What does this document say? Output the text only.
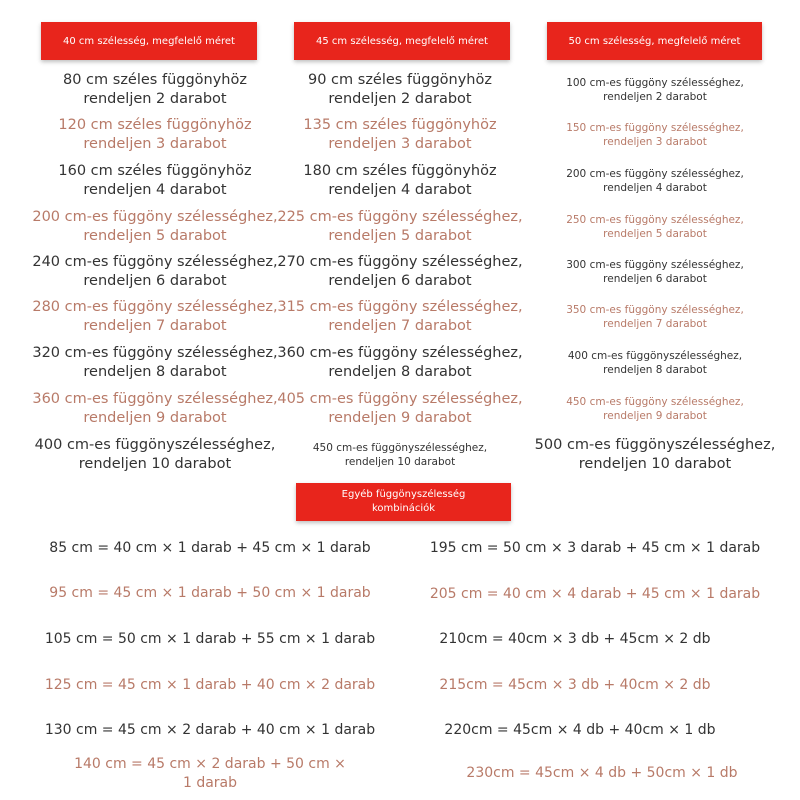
40 cm szélesség, megfelelő méret	45 cm szélesség, megfelelő méret	50 cm szélesség, megfelelő méret
80 cm széles függönyhöz
rendeljen 2 darabot
120 cm széles függönyhöz
rendeljen 3 darabot
160 cm széles függönyhöz
rendeljen 4 darabot
200 cm-es függöny szélességhez,
rendeljen 5 darabot
240 cm-es függöny szélességhez,
rendeljen 6 darabot
280 cm-es függöny szélességhez,
rendeljen 7 darabot
320 cm-es függöny szélességhez,
rendeljen 8 darabot
360 cm-es függöny szélességhez,
rendeljen 9 darabot
400 cm-es függönyszélességhez,
rendeljen 10 darabot
90 cm széles függönyhöz
rendeljen 2 darabot
135 cm széles függönyhöz
rendeljen 3 darabot
180 cm széles függönyhöz
rendeljen 4 darabot
225 cm-es függöny szélességhez,
rendeljen 5 darabot
270 cm-es függöny szélességhez,
rendeljen 6 darabot
315 cm-es függöny szélességhez,
rendeljen 7 darabot
360 cm-es függöny szélességhez,
rendeljen 8 darabot
405 cm-es függöny szélességhez,
rendeljen 9 darabot
450 cm-es függönyszélességhez,
rendeljen 10 darabot
100 cm-es függöny szélességhez,
rendeljen 2 darabot
150 cm-es függöny szélességhez,
rendeljen 3 darabot
200 cm-es függöny szélességhez,
rendeljen 4 darabot
250 cm-es függöny szélességhez,
rendeljen 5 darabot
300 cm-es függöny szélességhez,
rendeljen 6 darabot
350 cm-es függöny szélességhez,
rendeljen 7 darabot
400 cm-es függönyszélességhez,
rendeljen 8 darabot
450 cm-es függöny szélességhez,
rendeljen 9 darabot
500 cm-es függönyszélességhez,
rendeljen 10 darabot
Egyéb függönyszélesség
kombinációk
85 cm = 40 cm × 1 darab + 45 cm × 1 darab
95 cm = 45 cm × 1 darab + 50 cm × 1 darab
105 cm = 50 cm × 1 darab + 55 cm × 1 darab
125 cm = 45 cm × 1 darab + 40 cm × 2 darab
130 cm = 45 cm × 2 darab + 40 cm × 1 darab
140 cm = 45 cm × 2 darab + 50 cm ×
1 darab
195 cm = 50 cm × 3 darab + 45 cm × 1 darab
205 cm = 40 cm × 4 darab + 45 cm × 1 darab
210cm = 40cm × 3 db + 45cm × 2 db
215cm = 45cm × 3 db + 40cm × 2 db
220cm = 45cm × 4 db + 40cm × 1 db
230cm = 45cm × 4 db + 50cm × 1 db
